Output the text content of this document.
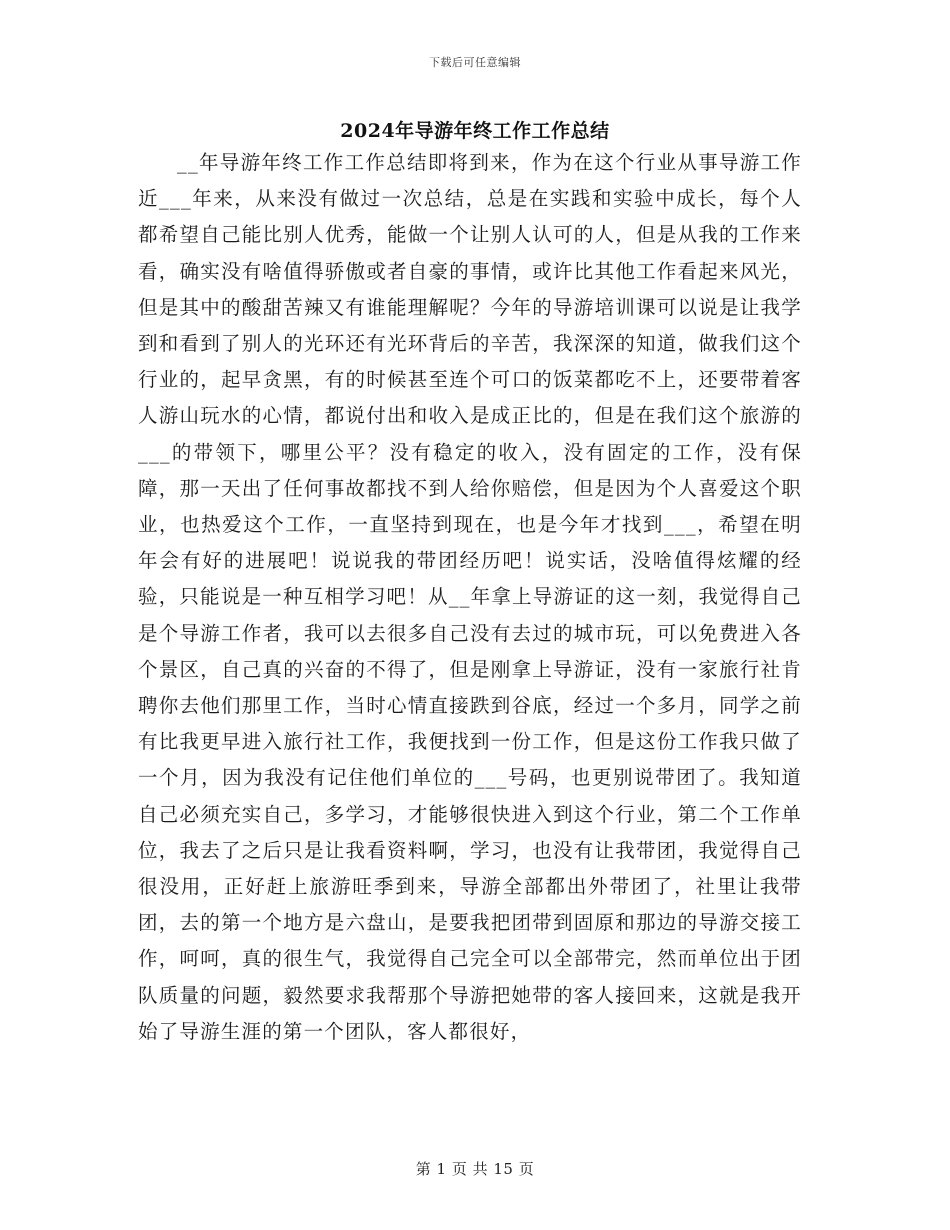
下载后可任意编辑
2024年导游年终工作工作总结

__年导游年终工作工作总结即将到来，作为在这个行业从事导游工作近___年来，从来没有做过一次总结，总是在实践和实验中成长，每个人都希望自己能比别人优秀，能做一个让别人认可的人，但是从我的工作来看，确实没有啥值得骄傲或者自豪的事情，或许比其他工作看起来风光，但是其中的酸甜苦辣又有谁能理解呢？今年的导游培训课可以说是让我学到和看到了别人的光环还有光环背后的辛苦，我深深的知道，做我们这个行业的，起早贪黑，有的时候甚至连个可口的饭菜都吃不上，还要带着客人游山玩水的心情，都说付出和收入是成正比的，但是在我们这个旅游的___的带领下，哪里公平？没有稳定的收入，没有固定的工作，没有保障，那一天出了任何事故都找不到人给你赔偿，但是因为个人喜爱这个职业，也热爱这个工作，一直坚持到现在，也是今年才找到___，希望在明年会有好的进展吧！说说我的带团经历吧！说实话，没啥值得炫耀的经验，只能说是一种互相学习吧！从__年拿上导游证的这一刻，我觉得自己是个导游工作者，我可以去很多自己没有去过的城市玩，可以免费进入各个景区，自己真的兴奋的不得了，但是刚拿上导游证，没有一家旅行社肯聘你去他们那里工作，当时心情直接跌到谷底，经过一个多月，同学之前有比我更早进入旅行社工作，我便找到一份工作，但是这份工作我只做了一个月，因为我没有记住他们单位的___号码，也更别说带团了。我知道自己必须充实自己，多学习，才能够很快进入到这个行业，第二个工作单位，我去了之后只是让我看资料啊，学习，也没有让我带团，我觉得自己很没用，正好赶上旅游旺季到来，导游全部都出外带团了，社里让我带团，去的第一个地方是六盘山，是要我把团带到固原和那边的导游交接工作，呵呵，真的很生气，我觉得自己完全可以全部带完，然而单位出于团队质量的问题，毅然要求我帮那个导游把她带的客人接回来，这就是我开始了导游生涯的第一个团队，客人都很好，

第 1 页 共 15 页
